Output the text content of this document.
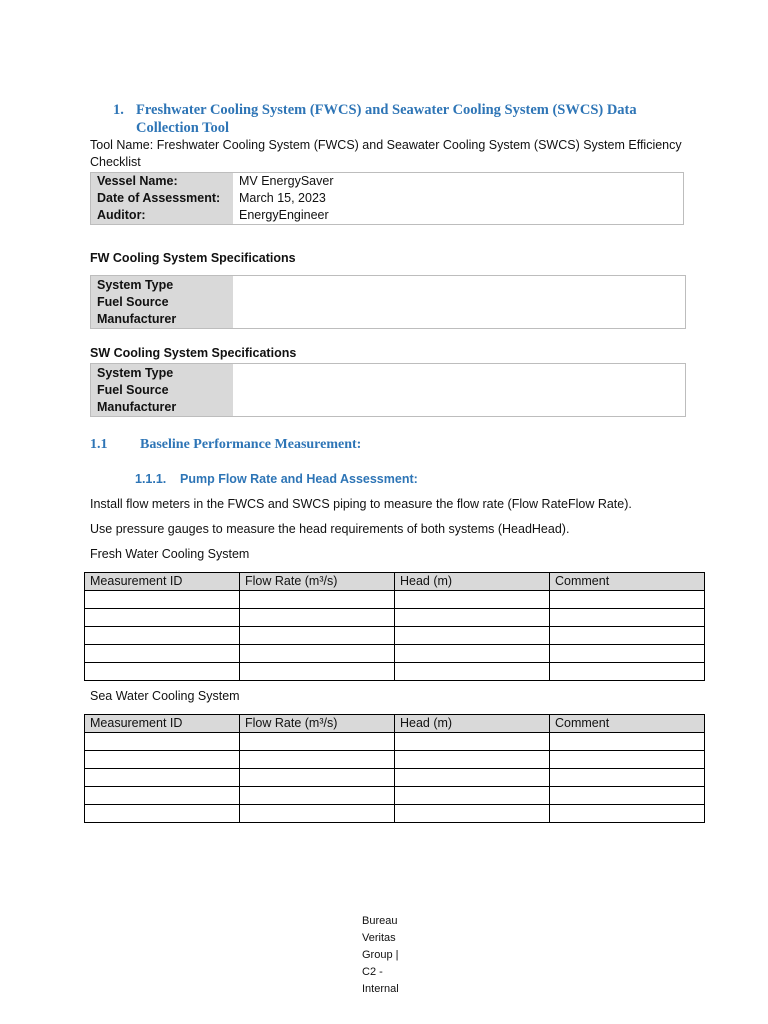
1. Freshwater Cooling System (FWCS) and Seawater Cooling System (SWCS) Data Collection Tool
Tool Name: Freshwater Cooling System (FWCS) and Seawater Cooling System (SWCS) System Efficiency Checklist
Vessel Name:	MV EnergySaver
Date of Assessment:	March 15, 2023
Auditor:	EnergyEngineer
FW Cooling System Specifications
System Type
Fuel Source
Manufacturer
SW Cooling System Specifications
System Type
Fuel Source
Manufacturer
1.1 Baseline Performance Measurement:
1.1.1. Pump Flow Rate and Head Assessment:
Install flow meters in the FWCS and SWCS piping to measure the flow rate (Flow RateFlow Rate).
Use pressure gauges to measure the head requirements of both systems (HeadHead).
Fresh Water Cooling System
Measurement ID	Flow Rate (m³/s)	Head (m)	Comment

Sea Water Cooling System
Measurement ID	Flow Rate (m³/s)	Head (m)	Comment

Bureau
Veritas
Group |
C2 -
Internal
